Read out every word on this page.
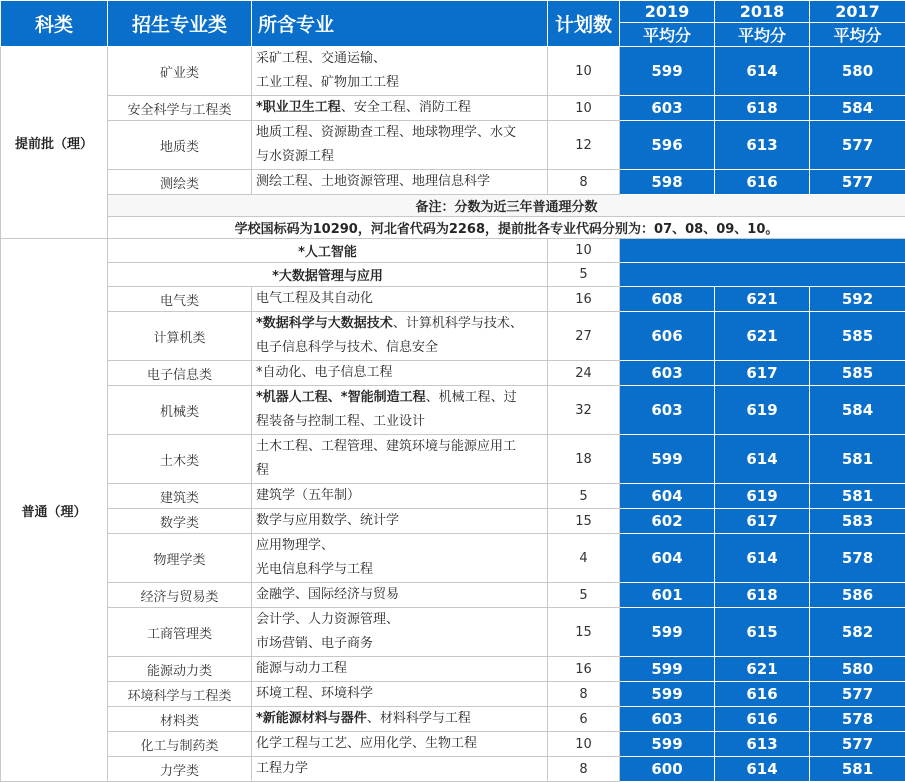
科类	招生专业类	所含专业	计划数	2019	2018	2017
				平均分	平均分	平均分
提前批（理）	矿业类	采矿工程、交通运输、
工业工程、矿物加工工程	10	599	614	580
	安全科学与工程类	*职业卫生工程、安全工程、消防工程	10	603	618	584
	地质类	地质工程、资源勘查工程、地球物理学、水文
与水资源工程	12	596	613	577
	测绘类	测绘工程、土地资源管理、地理信息科学	8	598	616	577
	备注：分数为近三年普通理分数					
	学校国标码为10290，河北省代码为2268，提前批各专业代码分别为：07、08、09、10。					
普通（理）	*人工智能		10			
	*大数据管理与应用		5			
	电气类	电气工程及其自动化	16	608	621	592
	计算机类	*数据科学与大数据技术、计算机科学与技术、
电子信息科学与技术、信息安全	27	606	621	585
	电子信息类	*自动化、电子信息工程	24	603	617	585
	机械类	*机器人工程、*智能制造工程、机械工程、过
程装备与控制工程、工业设计	32	603	619	584
	土木类	土木工程、工程管理、建筑环境与能源应用工
程	18	599	614	581
	建筑类	建筑学（五年制）	5	604	619	581
	数学类	数学与应用数学、统计学	15	602	617	583
	物理学类	应用物理学、
光电信息科学与工程	4	604	614	578
	经济与贸易类	金融学、国际经济与贸易	5	601	618	586
	工商管理类	会计学、人力资源管理、
市场营销、电子商务	15	599	615	582
	能源动力类	能源与动力工程	16	599	621	580
	环境科学与工程类	环境工程、环境科学	8	599	616	577
	材料类	*新能源材料与器件、材料科学与工程	6	603	616	578
	化工与制药类	化学工程与工艺、应用化学、生物工程	10	599	613	577
	力学类	工程力学	8	600	614	581
